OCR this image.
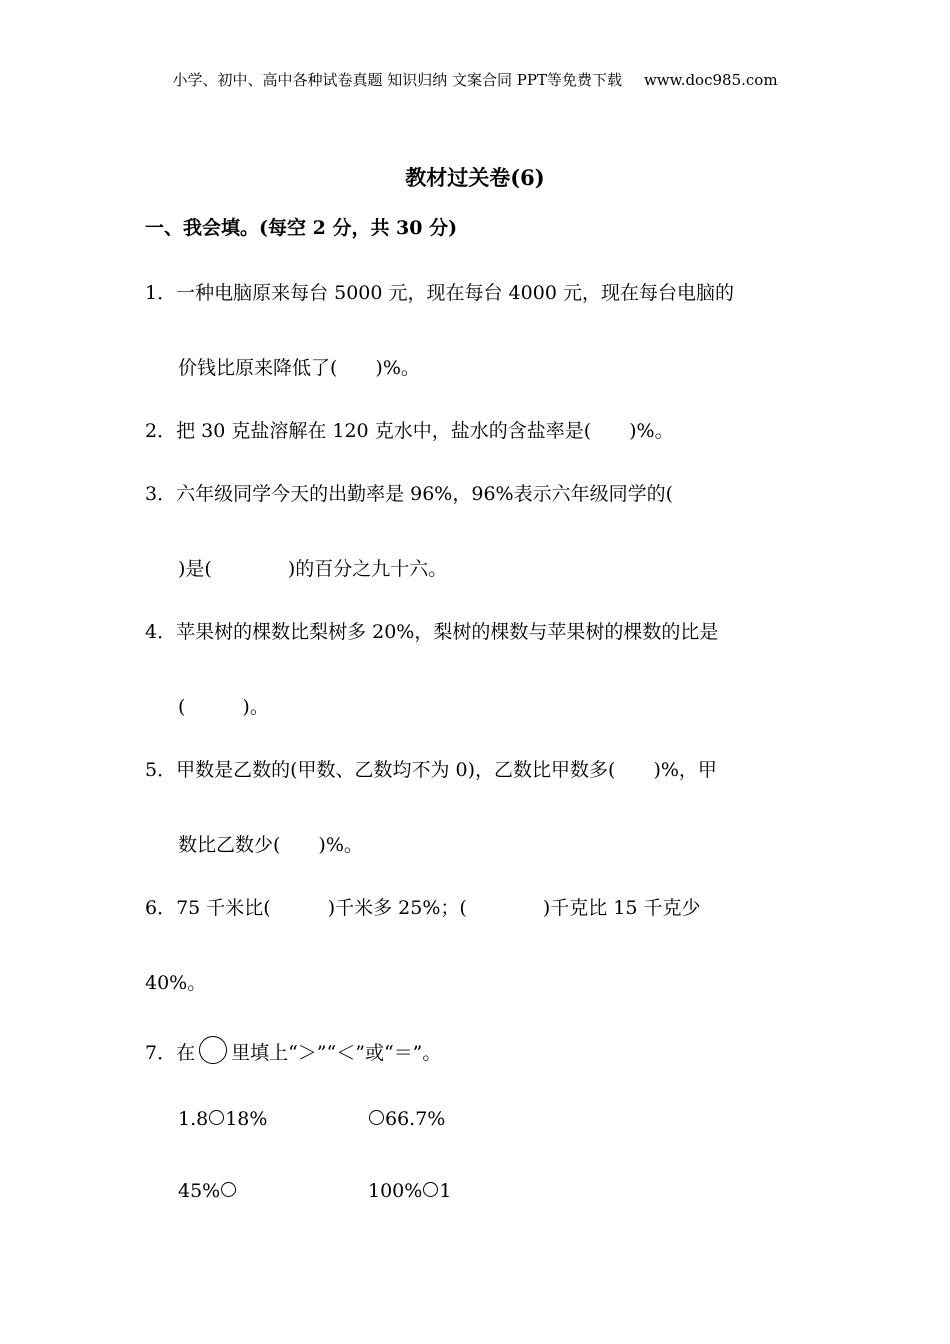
小学、初中、高中各种试卷真题 知识归纳 文案合同 PPT等免费下载 www.doc985.com
教材过关卷(6)
一、我会填。(每空 2 分，共 30 分)
1．一种电脑原来每台 5000 元，现在每台 4000 元，现在每台电脑的
价钱比原来降低了(　　)%。
2．把 30 克盐溶解在 120 克水中，盐水的含盐率是(　　)%。
3．六年级同学今天的出勤率是 96%，96%表示六年级同学的(
)是(　　　　)的百分之九十六。
4．苹果树的棵数比梨树多 20%，梨树的棵数与苹果树的棵数的比是
(　　　)。
5．甲数是乙数的(甲数、乙数均不为 0)，乙数比甲数多(　　)%，甲
数比乙数少(　　)%。
6．75 千米比(　　　)千米多 25%；(　　　　)千克比 15 千克少
40%。
7．在 里填上“＞”“＜”或“＝”。
1.8 18%	66.7%
45%	100% 1
